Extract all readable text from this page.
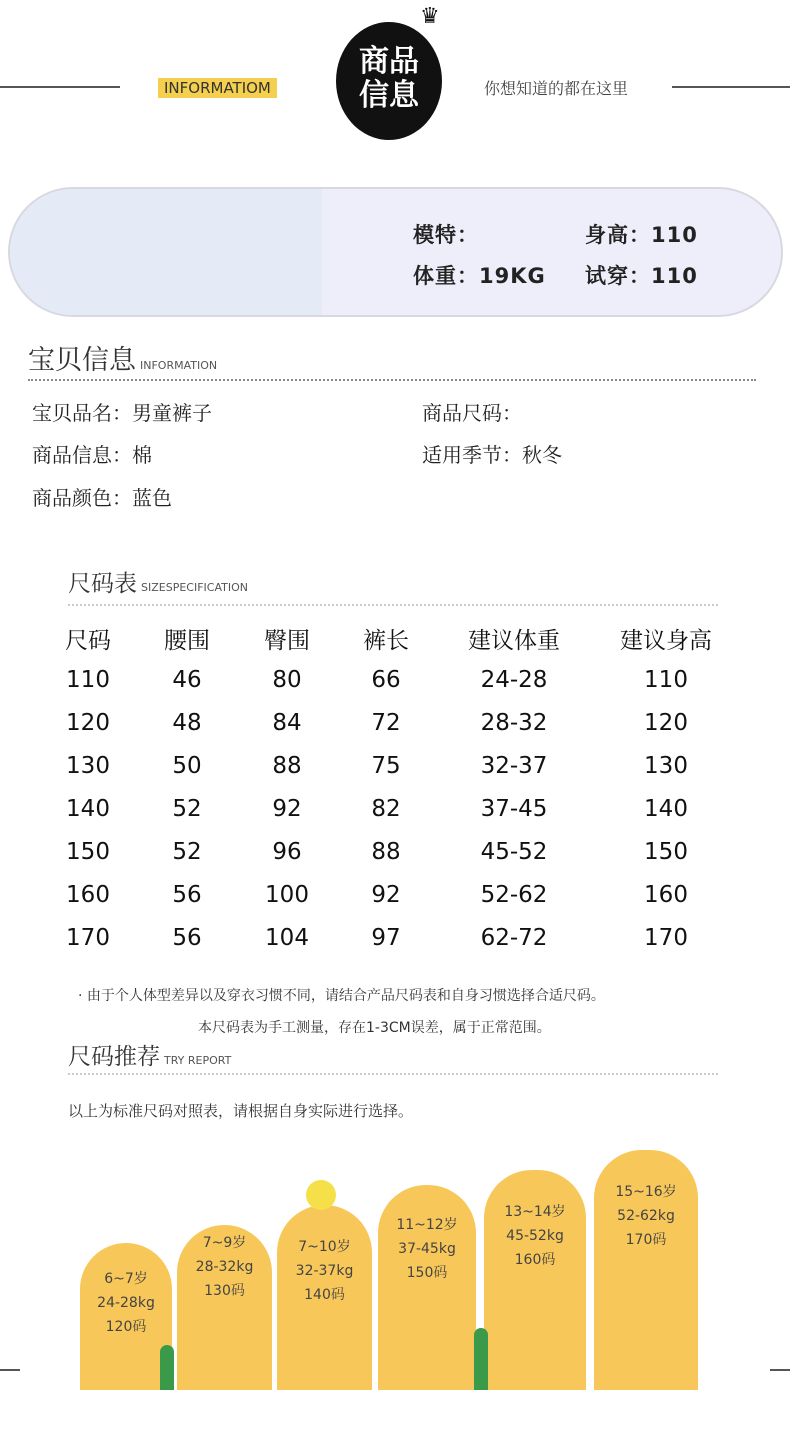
INFORMATIOM
商品
信息
♛
你想知道的都在这里
模特：	身高：110
体重：19KG 试穿：110
宝贝信息 INFORMATION
宝贝品名：男童裤子	商品尺码：
商品信息：棉	适用季节：秋冬
商品颜色：蓝色
尺码表 SIZESPECIFICATION
尺码	腰围	臀围	裤长	建议体重	建议身高
110	46	80	66	24-28	110
120	48	84	72	28-32	120
130	50	88	75	32-37	130
140	52	92	82	37-45	140
150	52	96	88	45-52	150
160	56	100	92	52-62	160
170	56	104	97	62-72	170
· 由于个人体型差异以及穿衣习惯不同，请结合产品尺码表和自身习惯选择合适尺码。
本尺码表为手工测量，存在1-3CM误差，属于正常范围。
尺码推荐 TRY REPORT
以上为标准尺码对照表，请根据自身实际进行选择。
6~7岁
24-28kg
120码
7~9岁
28-32kg
130码
7~10岁
32-37kg
140码
11~12岁
37-45kg
150码
13~14岁
45-52kg
160码
15~16岁
52-62kg
170码
